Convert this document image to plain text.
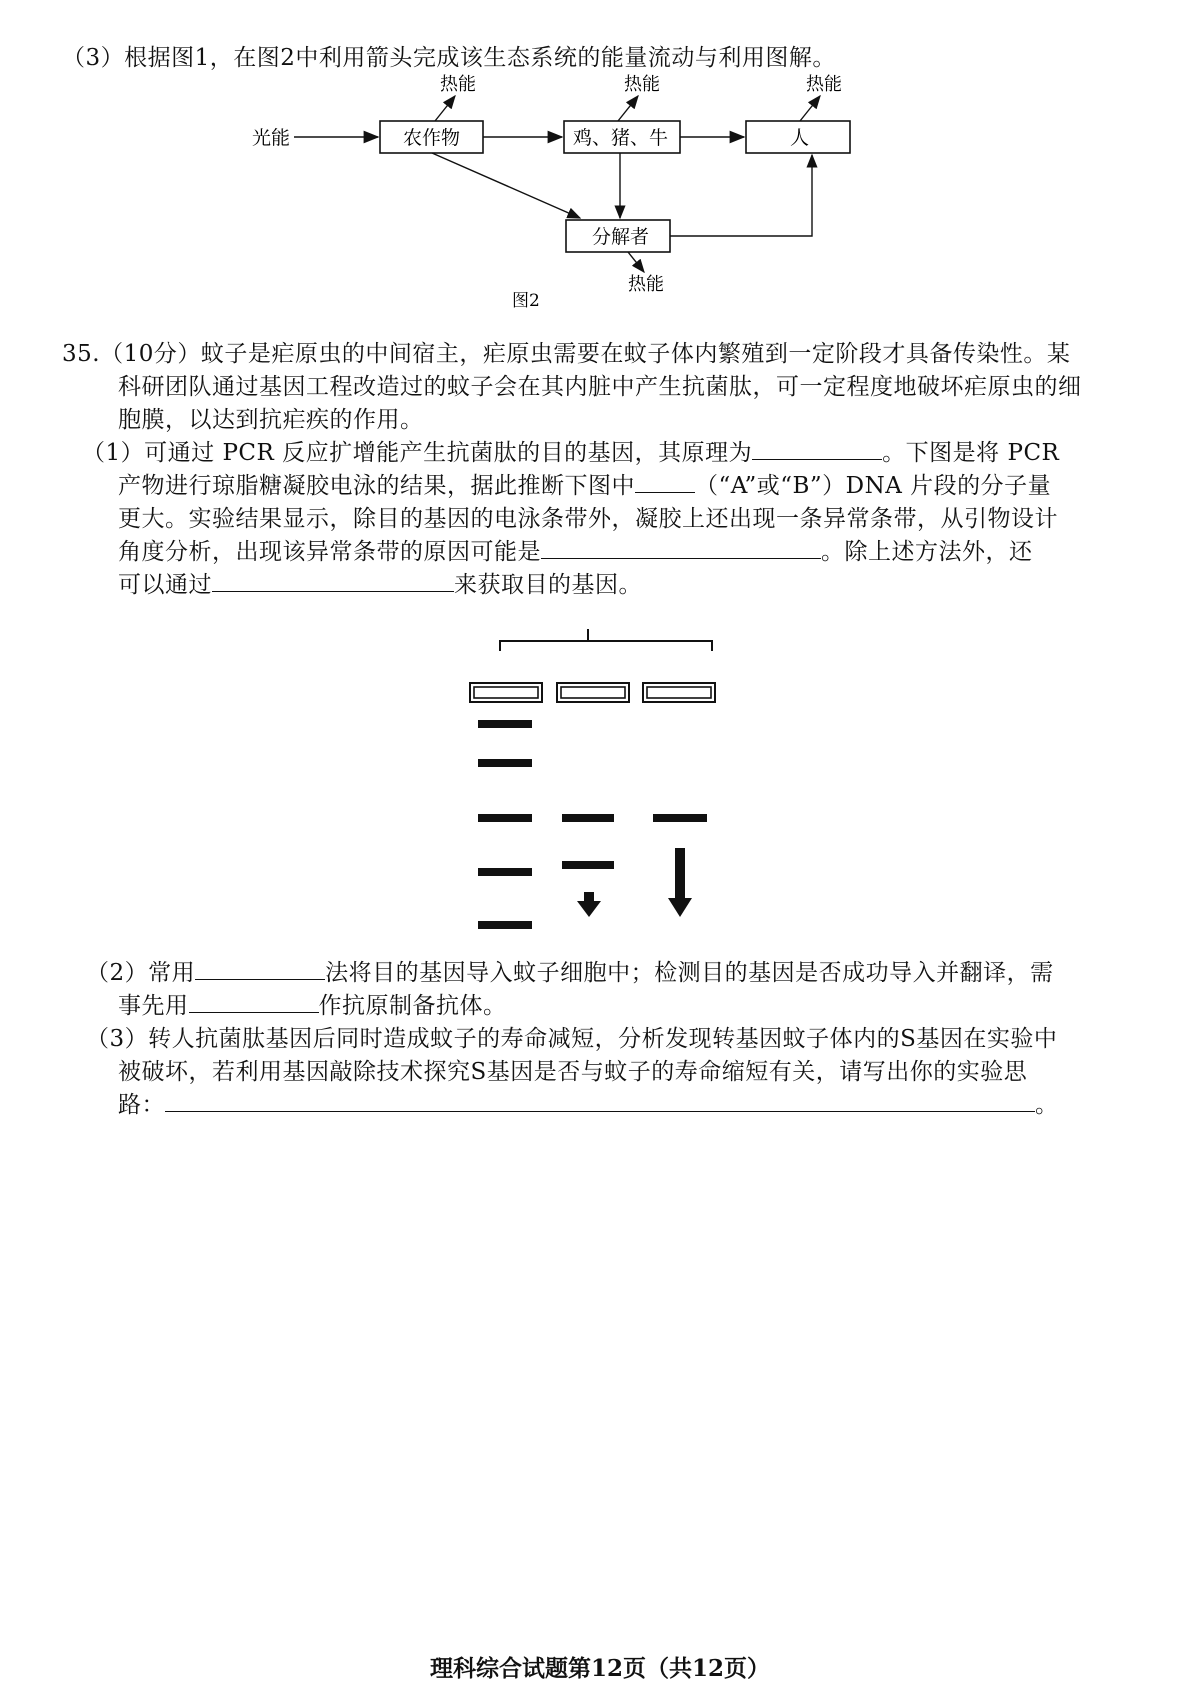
（3）根据图1，在图2中利用箭头完成该生态系统的能量流动与利用图解。
光能	农作物	鸡、猪、牛	人
热能	热能	热能
分解者
热能
图2
35.（10分）蚊子是疟原虫的中间宿主，疟原虫需要在蚊子体内繁殖到一定阶段才具备传染性。某
科研团队通过基因工程改造过的蚊子会在其内脏中产生抗菌肽，可一定程度地破坏疟原虫的细
胞膜，以达到抗疟疾的作用。
（1）可通过 PCR 反应扩增能产生抗菌肽的目的基因，其原理为	。下图是将 PCR
产物进行琼脂糖凝胶电泳的结果，据此推断下图中	（“A”或“B”）DNA 片段的分子量
更大。实验结果显示，除目的基因的电泳条带外，凝胶上还出现一条异常条带，从引物设计
角度分析，出现该异常条带的原因可能是	。除上述方法外，还
可以通过	来获取目的基因。
（2）常用	法将目的基因导入蚊子细胞中；检测目的基因是否成功导入并翻译，需
事先用	作抗原制备抗体。
（3）转人抗菌肽基因后同时造成蚊子的寿命减短，分析发现转基因蚊子体内的S基因在实验中
被破坏，若利用基因敲除技术探究S基因是否与蚊子的寿命缩短有关，请写出你的实验思
路：	。
理科综合试题第12页（共12页）
